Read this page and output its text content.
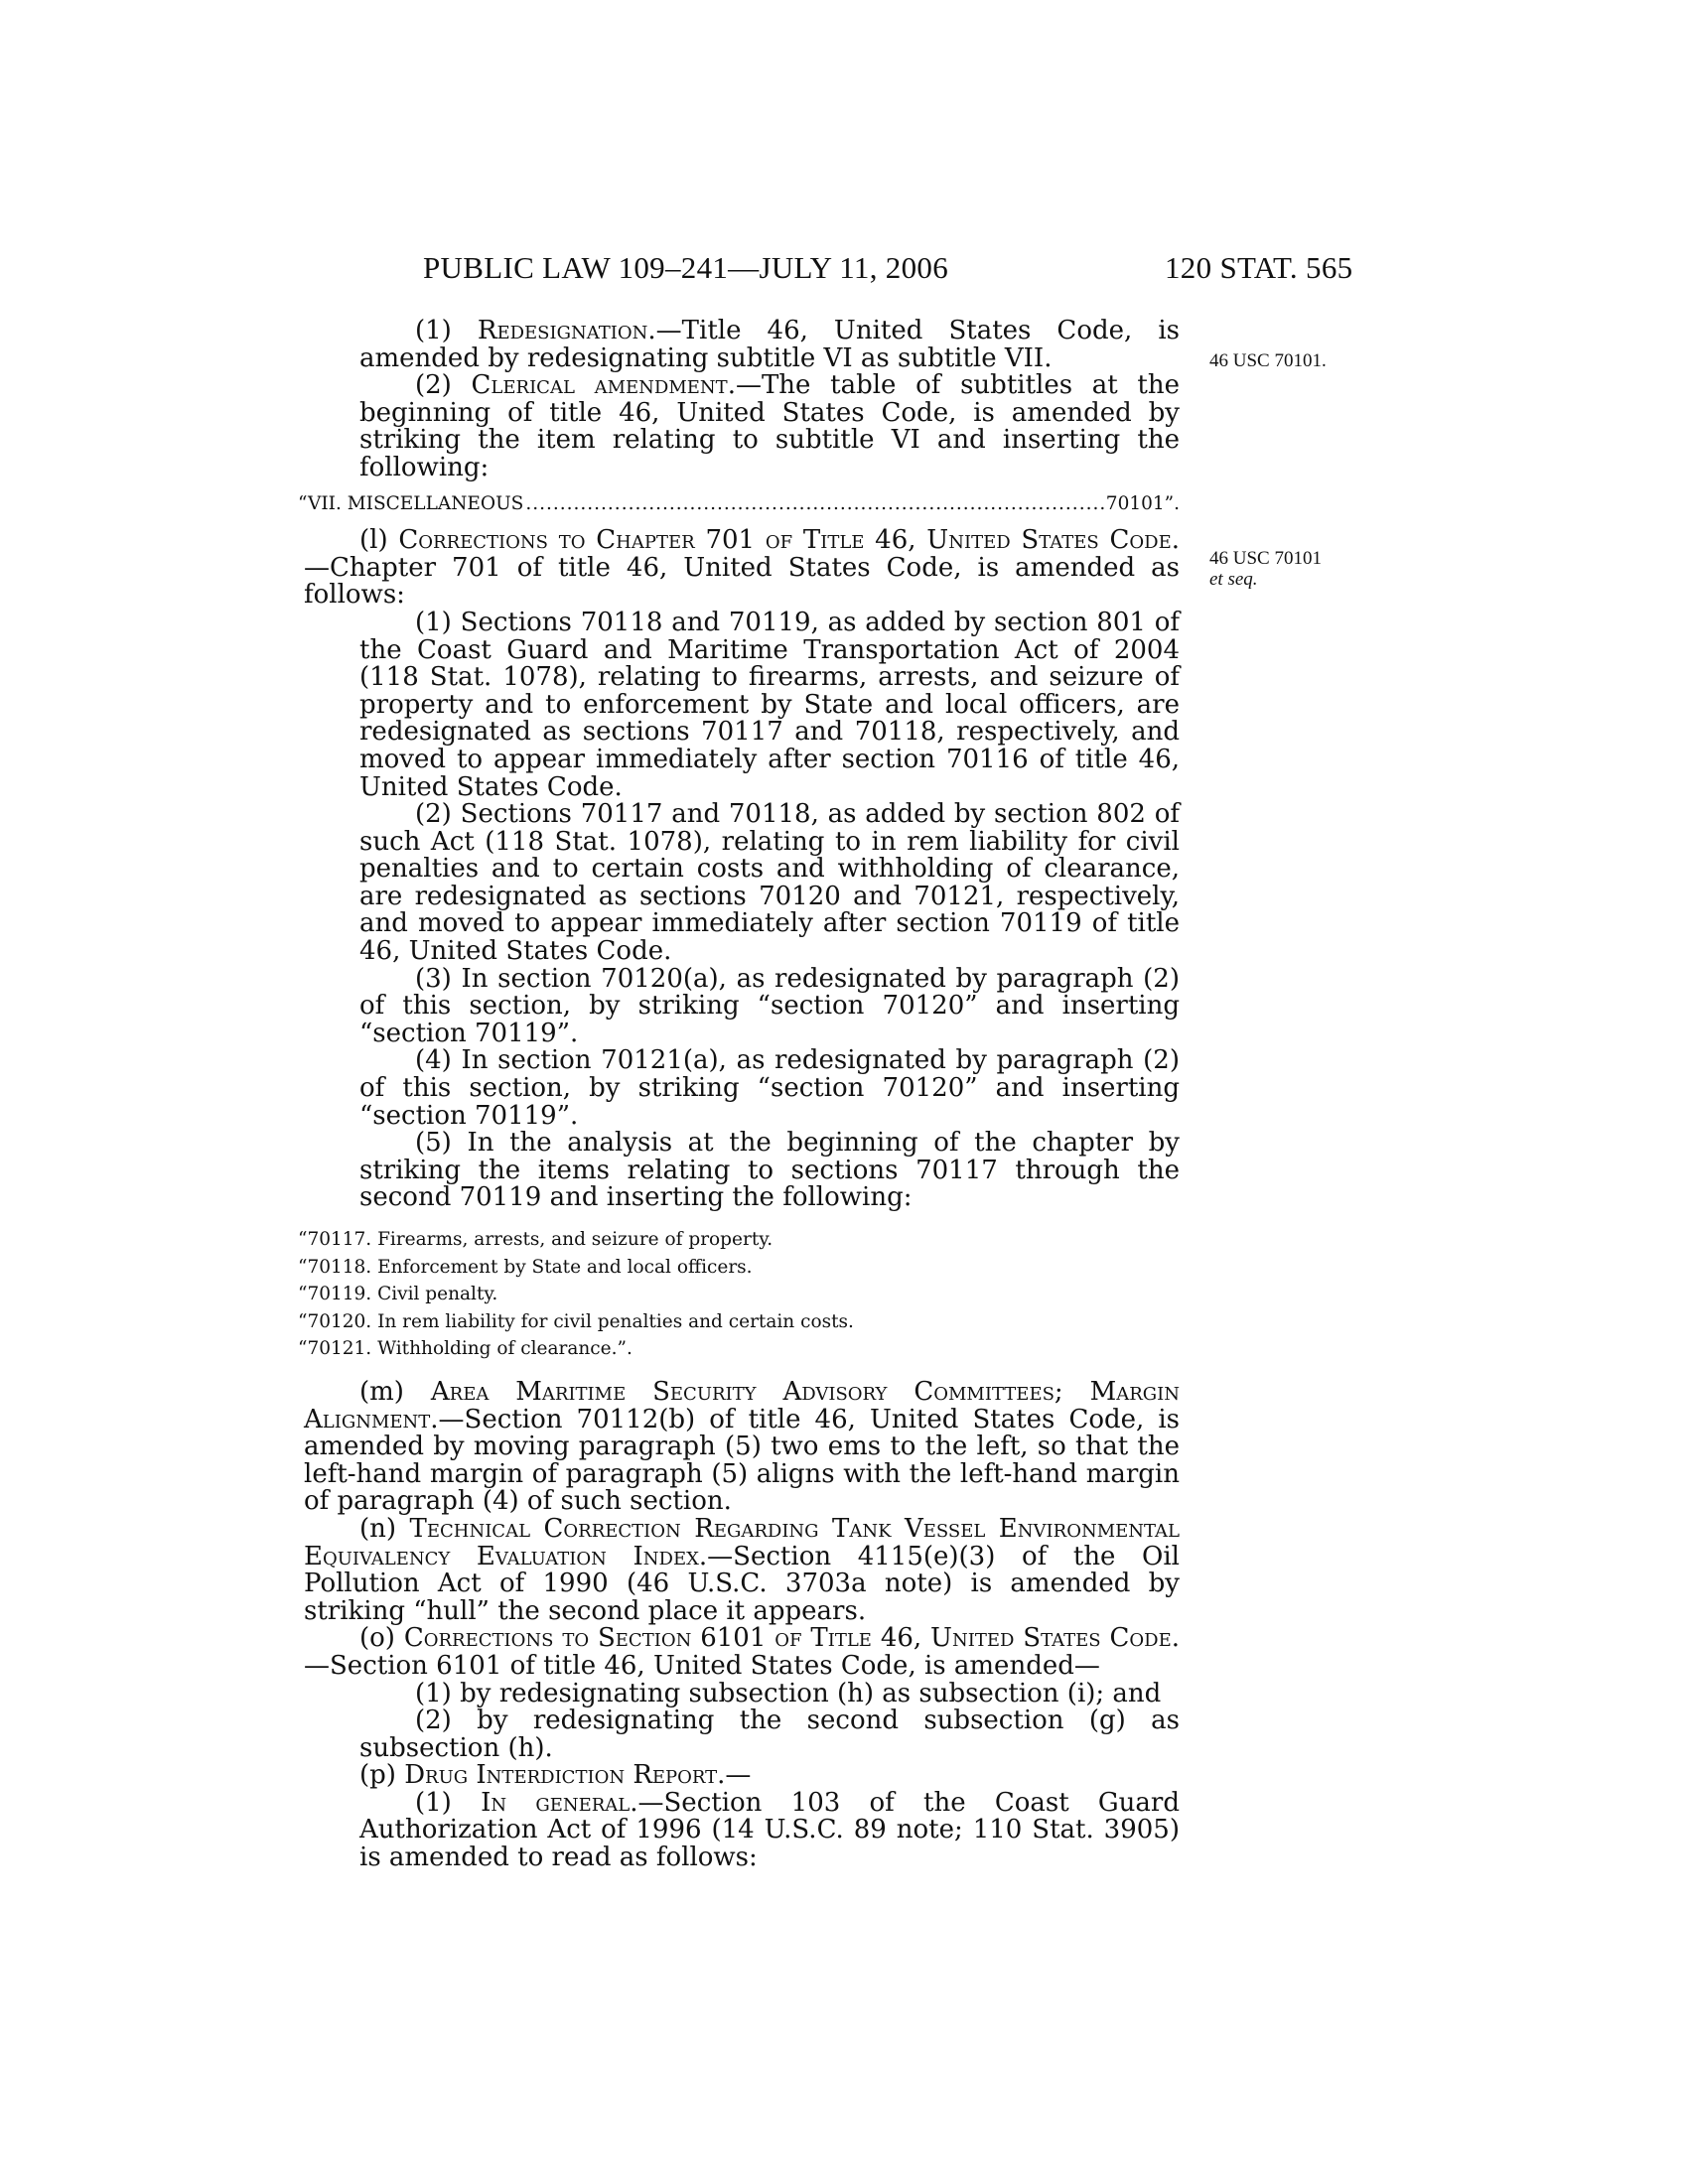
PUBLIC LAW 109–241—JULY 11, 2006	120 STAT. 565
46 USC 70101.
46 USC 70101
et seq.

(1) Redesignation.—Title 46, United States Code, is amended by redesignating subtitle VI as subtitle VII.

(2) Clerical amendment.—The table of subtitles at the beginning of title 46, United States Code, is amended by striking the item relating to subtitle VI and inserting the following:

“VII. MISCELLANEOUS .....	70101”.

(l) Corrections to Chapter 701 of Title 46, United States Code.—Chapter 701 of title 46, United States Code, is amended as follows:

(1) Sections 70118 and 70119, as added by section 801 of the Coast Guard and Maritime Transportation Act of 2004 (118 Stat. 1078), relating to firearms, arrests, and seizure of property and to enforcement by State and local officers, are redesignated as sections 70117 and 70118, respectively, and moved to appear immediately after section 70116 of title 46, United States Code.

(2) Sections 70117 and 70118, as added by section 802 of such Act (118 Stat. 1078), relating to in rem liability for civil penalties and to certain costs and withholding of clearance, are redesignated as sections 70120 and 70121, respectively, and moved to appear immediately after section 70119 of title 46, United States Code.

(3) In section 70120(a), as redesignated by paragraph (2) of this section, by striking “section 70120” and inserting “section 70119”.

(4) In section 70121(a), as redesignated by paragraph (2) of this section, by striking “section 70120” and inserting “section 70119”.

(5) In the analysis at the beginning of the chapter by striking the items relating to sections 70117 through the second 70119 and inserting the following:

“70117. Firearms, arrests, and seizure of property.
“70118. Enforcement by State and local officers.
“70119. Civil penalty.
“70120. In rem liability for civil penalties and certain costs.
“70121. Withholding of clearance.”.

(m) Area Maritime Security Advisory Committees; Margin Alignment.—Section 70112(b) of title 46, United States Code, is amended by moving paragraph (5) two ems to the left, so that the left-hand margin of paragraph (5) aligns with the left-hand margin of paragraph (4) of such section.

(n) Technical Correction Regarding Tank Vessel Environmental Equivalency Evaluation Index.—Section 4115(e)(3) of the Oil Pollution Act of 1990 (46 U.S.C. 3703a note) is amended by striking “hull” the second place it appears.

(o) Corrections to Section 6101 of Title 46, United States Code.—Section 6101 of title 46, United States Code, is amended—

(1) by redesignating subsection (h) as subsection (i); and

(2) by redesignating the second subsection (g) as subsection (h).

(p) Drug Interdiction Report.—

(1) In general.—Section 103 of the Coast Guard Authorization Act of 1996 (14 U.S.C. 89 note; 110 Stat. 3905) is amended to read as follows:
